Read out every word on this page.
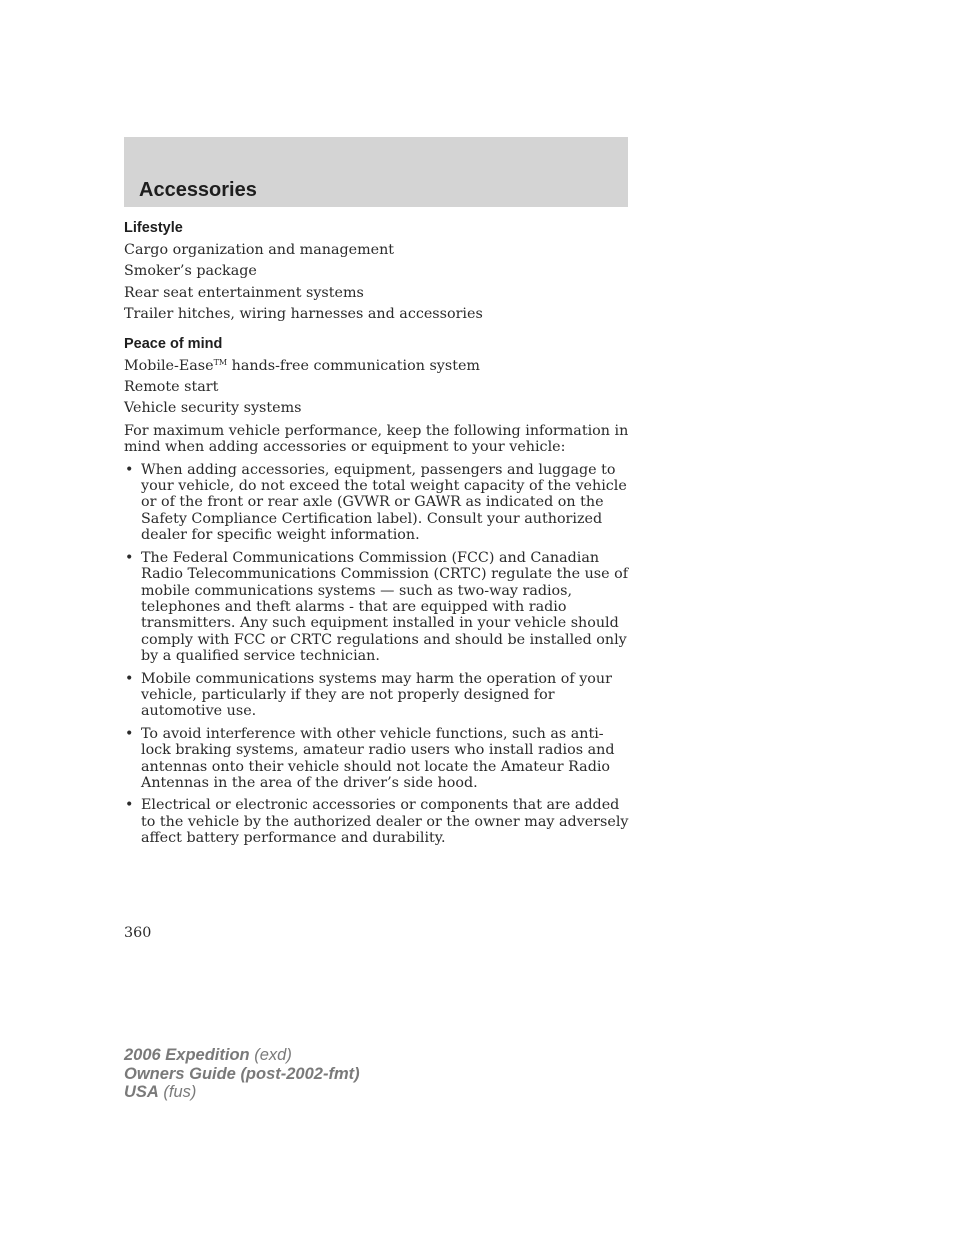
Accessories
Lifestyle
Cargo organization and management
Smoker’s package
Rear seat entertainment systems
Trailer hitches, wiring harnesses and accessories
Peace of mind
Mobile-Ease™ hands-free communication system
Remote start
Vehicle security systems
For maximum vehicle performance, keep the following information in mind when adding accessories or equipment to your vehicle:
• When adding accessories, equipment, passengers and luggage to your vehicle, do not exceed the total weight capacity of the vehicle or of the front or rear axle (GVWR or GAWR as indicated on the Safety Compliance Certification label). Consult your authorized dealer for specific weight information.
• The Federal Communications Commission (FCC) and Canadian Radio Telecommunications Commission (CRTC) regulate the use of mobile communications systems — such as two-way radios, telephones and theft alarms - that are equipped with radio transmitters. Any such equipment installed in your vehicle should comply with FCC or CRTC regulations and should be installed only by a qualified service technician.
• Mobile communications systems may harm the operation of your vehicle, particularly if they are not properly designed for automotive use.
• To avoid interference with other vehicle functions, such as anti-lock braking systems, amateur radio users who install radios and antennas onto their vehicle should not locate the Amateur Radio Antennas in the area of the driver’s side hood.
• Electrical or electronic accessories or components that are added to the vehicle by the authorized dealer or the owner may adversely affect battery performance and durability.
360
2006 Expedition (exd)
Owners Guide (post-2002-fmt)
USA (fus)
